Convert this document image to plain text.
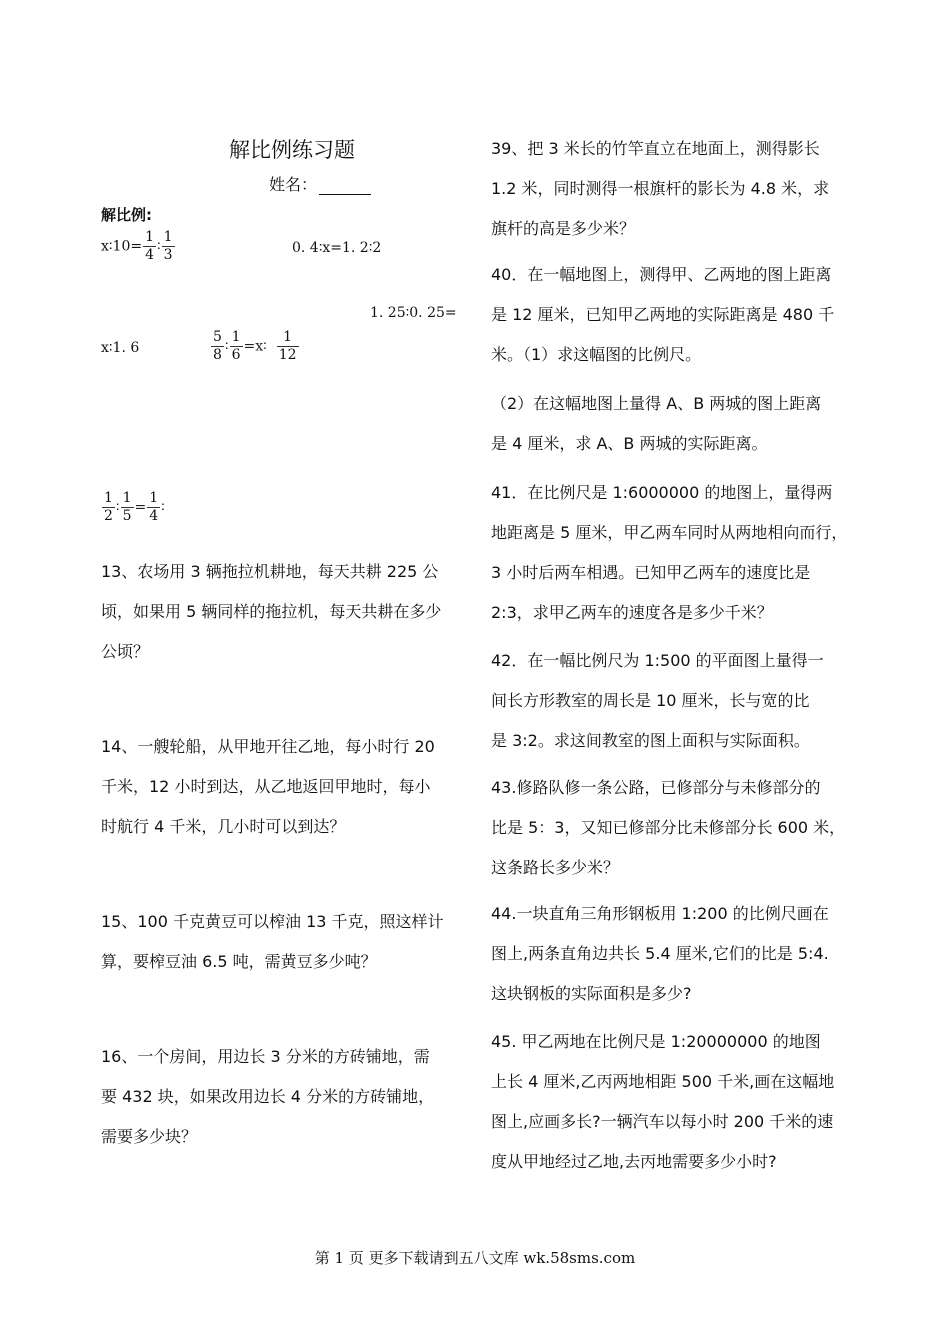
解比例练习题
姓名：
解比例:
x∶10= $\frac{1}{4}$ ∶ $\frac{1}{3}$	0. 4∶x=1. 2∶2
1. 25∶0. 25=
x∶1. 6	$\frac{5}{8}$ ∶ $\frac{1}{6}$ =x∶ $\frac{1}{12}$
$\frac{1}{2}$ ∶ $\frac{1}{5} = \frac{1}{4}$ ∶
13、农场用 3 辆拖拉机耕地，每天共耕 225 公
顷，如果用 5 辆同样的拖拉机，每天共耕在多少
公顷？
14、一艘轮船，从甲地开往乙地，每小时行 20
千米，12 小时到达，从乙地返回甲地时，每小
时航行 4 千米，几小时可以到达？
15、100 千克黄豆可以榨油 13 千克，照这样计
算，要榨豆油 6.5 吨，需黄豆多少吨？
16、一个房间，用边长 3 分米的方砖铺地，需
要 432 块，如果改用边长 4 分米的方砖铺地，
需要多少块？
39、把 3 米长的竹竿直立在地面上，测得影长
1.2 米，同时测得一根旗杆的影长为 4.8 米，求
旗杆的高是多少米？
40．在一幅地图上，测得甲、乙两地的图上距离
是 12 厘米，已知甲乙两地的实际距离是 480 千
米。（1）求这幅图的比例尺。
（2）在这幅地图上量得 A、B 两城的图上距离
是 4 厘米，求 A、B 两城的实际距离。
41．在比例尺是 1:6000000 的地图上，量得两
地距离是 5 厘米，甲乙两车同时从两地相向而行，
3 小时后两车相遇。已知甲乙两车的速度比是
2:3，求甲乙两车的速度各是多少千米？
42．在一幅比例尺为 1:500 的平面图上量得一
间长方形教室的周长是 10 厘米，长与宽的比
是 3:2。求这间教室的图上面积与实际面积。
43.修路队修一条公路，已修部分与未修部分的
比是 5：3，又知已修部分比未修部分长 600 米，
这条路长多少米？
44.一块直角三角形钢板用 1:200 的比例尺画在
图上,两条直角边共长 5.4 厘米,它们的比是 5:4.
这块钢板的实际面积是多少?
45. 甲乙两地在比例尺是 1:20000000 的地图
上长 4 厘米,乙丙两地相距 500 千米,画在这幅地
图上,应画多长?一辆汽车以每小时 200 千米的速
度从甲地经过乙地,去丙地需要多少小时?
第 1 页 更多下载请到五八文库 wk.58sms.com
